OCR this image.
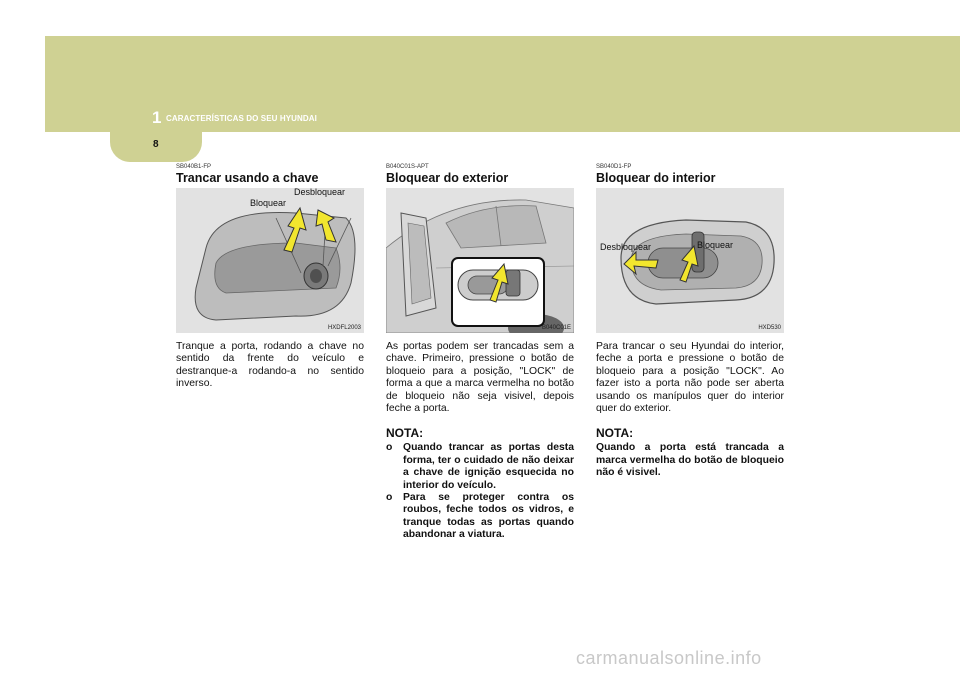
1 CARACTERÍSTICAS DO SEU HYUNDAI
8

SB040B1-FP

Trancar usando a chave

Bloquear
Desbloquear
HXDFL2003

Tranque a porta, rodando a chave no sentido da frente do veículo e destranque-a rodando-a no sentido inverso.

B040C01S-APT

Bloquear do exterior

B040C01E

As portas podem ser trancadas sem a chave. Primeiro, pressione o botão de bloqueio para a posição, "LOCK" de forma a que a marca vermelha no botão de bloqueio não seja visivel, depois feche a porta.

NOTA:

o Quando trancar as portas desta forma, ter o cuidado de não deixar a chave de ignição esquecida no interior do veículo.

o Para se proteger contra os roubos, feche todos os vidros, e tranque todas as portas quando abandonar a viatura.

SB040D1-FP

Bloquear do interior

Desbloquear	Bloquear
HXD530

Para trancar o seu Hyundai do interior, feche a porta e pressione o botão de bloqueio para a posição "LOCK". Ao fazer isto a porta não pode ser aberta usando os manípulos quer do interior quer do exterior.

NOTA:

Quando a porta está trancada a marca vermelha do botão de bloqueio não é visivel.

carmanualsonline.info
